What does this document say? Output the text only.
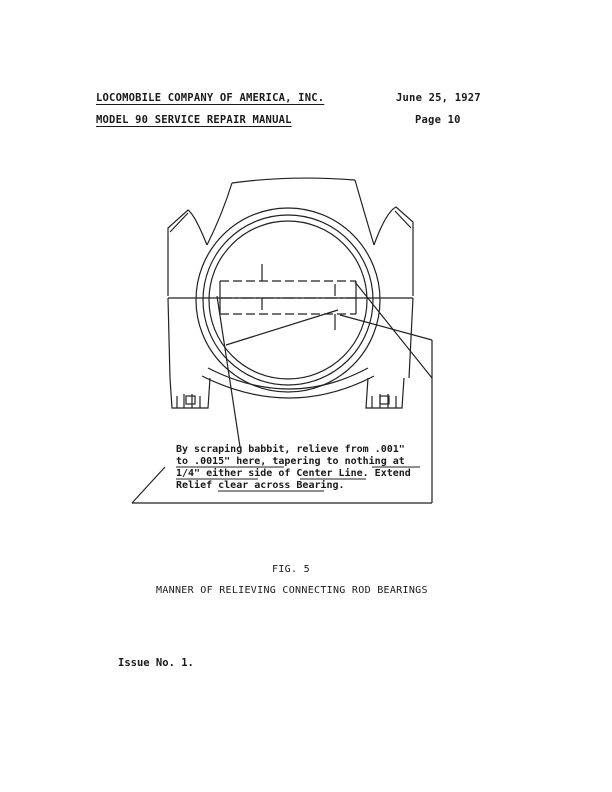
LOCOMOBILE COMPANY OF AMERICA, INC.
MODEL 90 SERVICE REPAIR MANUAL
June 25, 1927
Page 10
By scraping babbit, relieve from .001"
to .0015" here, tapering to nothing at
1/4" either side of Center Line. Extend
Relief clear across Bearing.
FIG. 5
MANNER OF RELIEVING CONNECTING ROD BEARINGS
Issue No. 1.
